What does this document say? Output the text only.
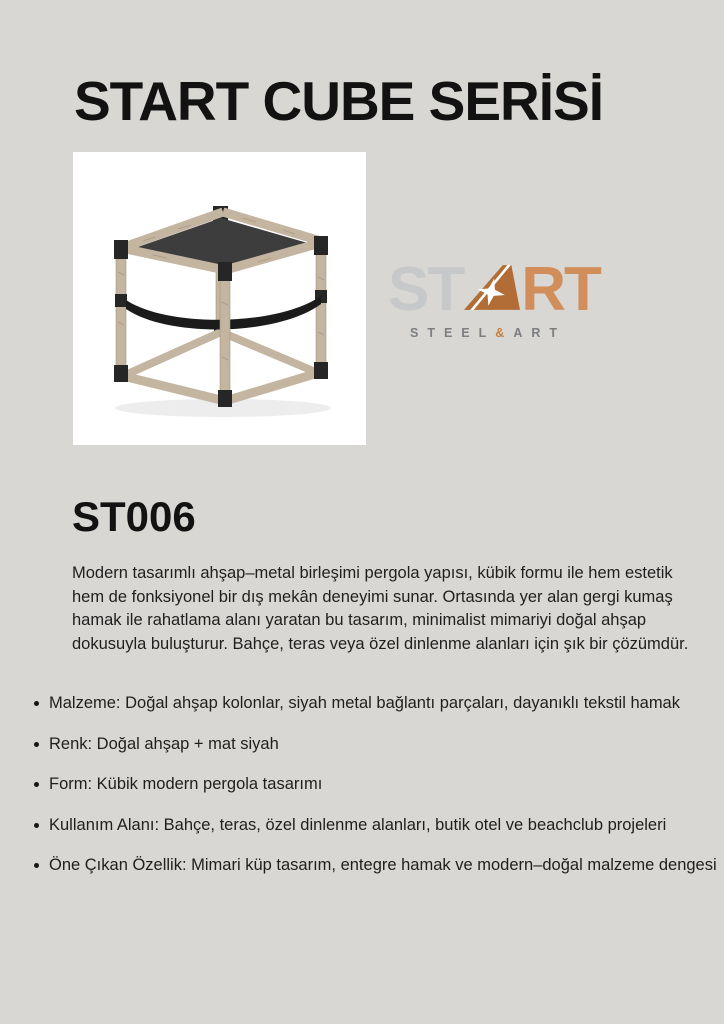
START CUBE SERİSİ
ST RT
STEEL&ART
ST006

Modern tasarımlı ahşap–metal birleşimi pergola yapısı, kübik formu ile hem estetik hem de fonksiyonel bir dış mekân deneyimi sunar. Ortasında yer alan gergi kumaş hamak ile rahatlama alanı yaratan bu tasarım, minimalist mimariyi doğal ahşap dokusuyla buluşturur. Bahçe, teras veya özel dinlenme alanları için şık bir çözümdür.

Malzeme: Doğal ahşap kolonlar, siyah metal bağlantı parçaları, dayanıklı tekstil hamak
Renk: Doğal ahşap + mat siyah
Form: Kübik modern pergola tasarımı
Kullanım Alanı: Bahçe, teras, özel dinlenme alanları, butik otel ve beachclub projeleri
Öne Çıkan Özellik: Mimari küp tasarım, entegre hamak ve modern–doğal malzeme dengesi
